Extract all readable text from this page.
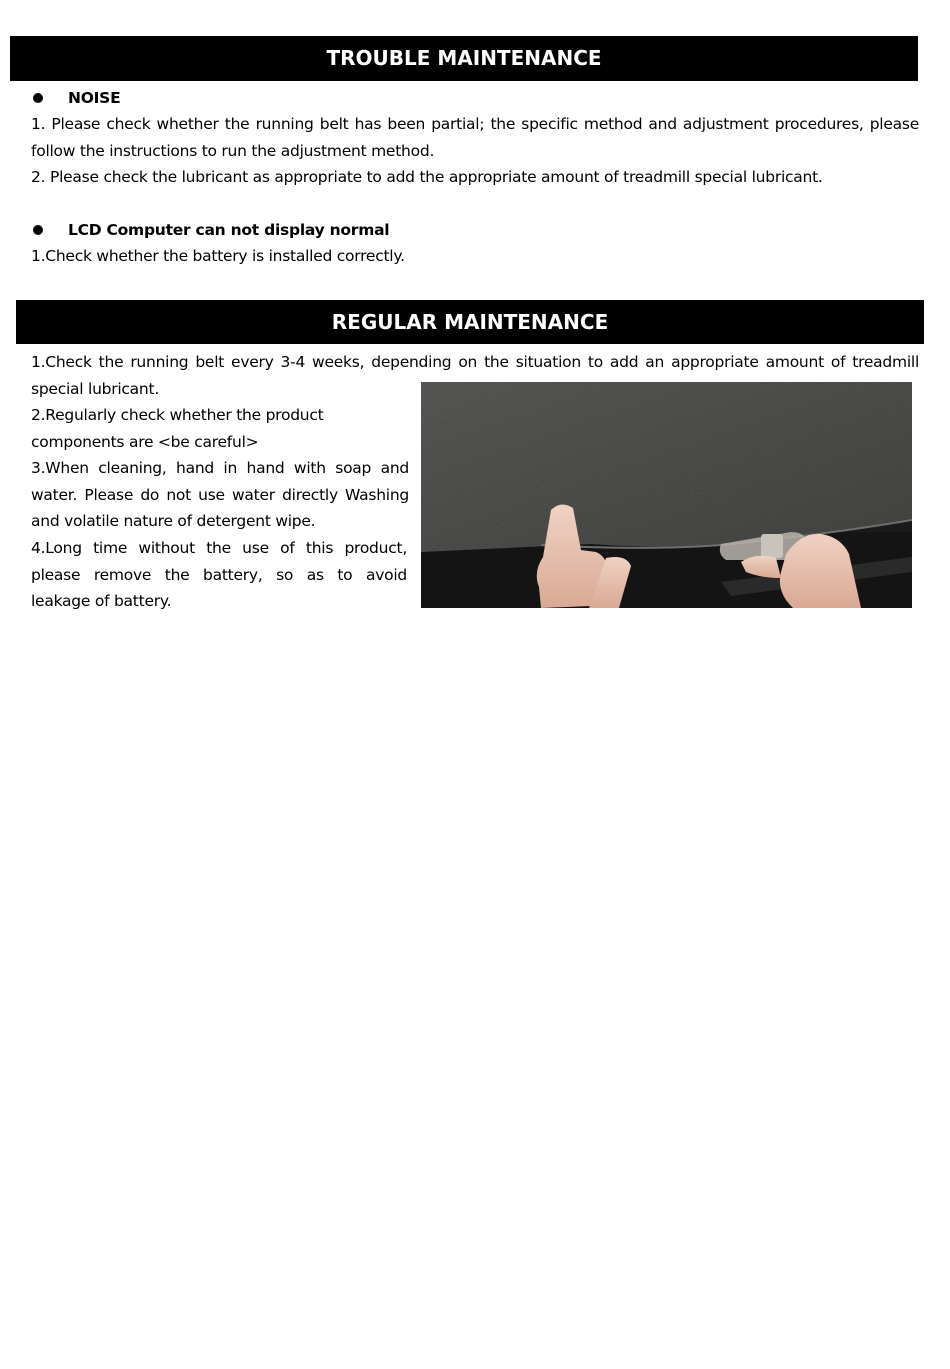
TROUBLE MAINTENANCE
NOISE
1. Please check whether the running belt has been partial; the specific method and adjustment procedures, please follow the instructions to run the adjustment method.
2. Please check the lubricant as appropriate to add the appropriate amount of treadmill special lubricant.
LCD Computer can not display normal
1.Check whether the battery is installed correctly.
REGULAR MAINTENANCE
1.Check the running belt every 3-4 weeks, depending on the situation to add an appropriate amount of treadmill special lubricant.
2.Regularly check whether the product components are <be careful>
3.When cleaning, hand in hand with soap and water. Please do not use water directly Washing and volatile nature of detergent wipe.
4.Long time without the use of this product, please remove the battery, so as to avoid leakage of battery.
